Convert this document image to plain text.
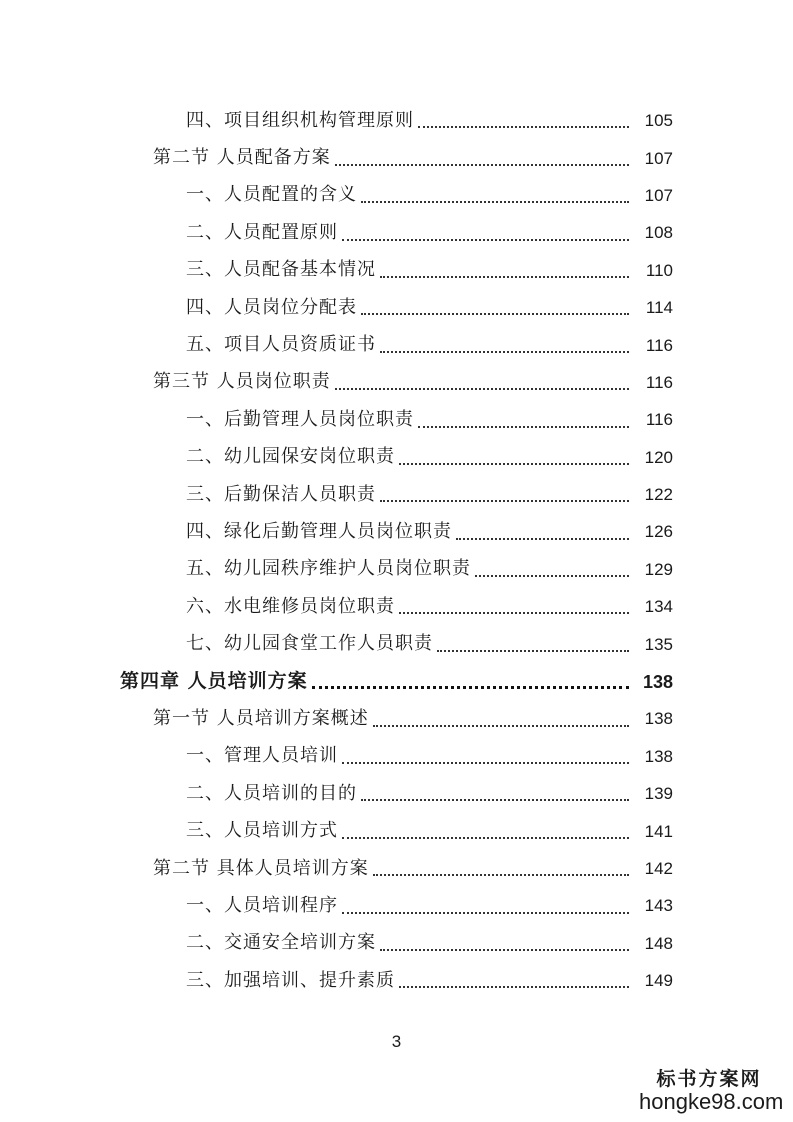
四、项目组织机构管理原则	105
第二节 人员配备方案	107
一、人员配置的含义	107
二、人员配置原则	108
三、人员配备基本情况	110
四、人员岗位分配表	114
五、项目人员资质证书	116
第三节 人员岗位职责	116
一、后勤管理人员岗位职责	116
二、幼儿园保安岗位职责	120
三、后勤保洁人员职责	122
四、绿化后勤管理人员岗位职责	126
五、幼儿园秩序维护人员岗位职责	129
六、水电维修员岗位职责	134
七、幼儿园食堂工作人员职责	135
第四章 人员培训方案	138
第一节 人员培训方案概述	138
一、管理人员培训	138
二、人员培训的目的	139
三、人员培训方式	141
第二节 具体人员培训方案	142
一、人员培训程序	143
二、交通安全培训方案	148
三、加强培训、提升素质	149
3
标书方案网
hongke98.com
